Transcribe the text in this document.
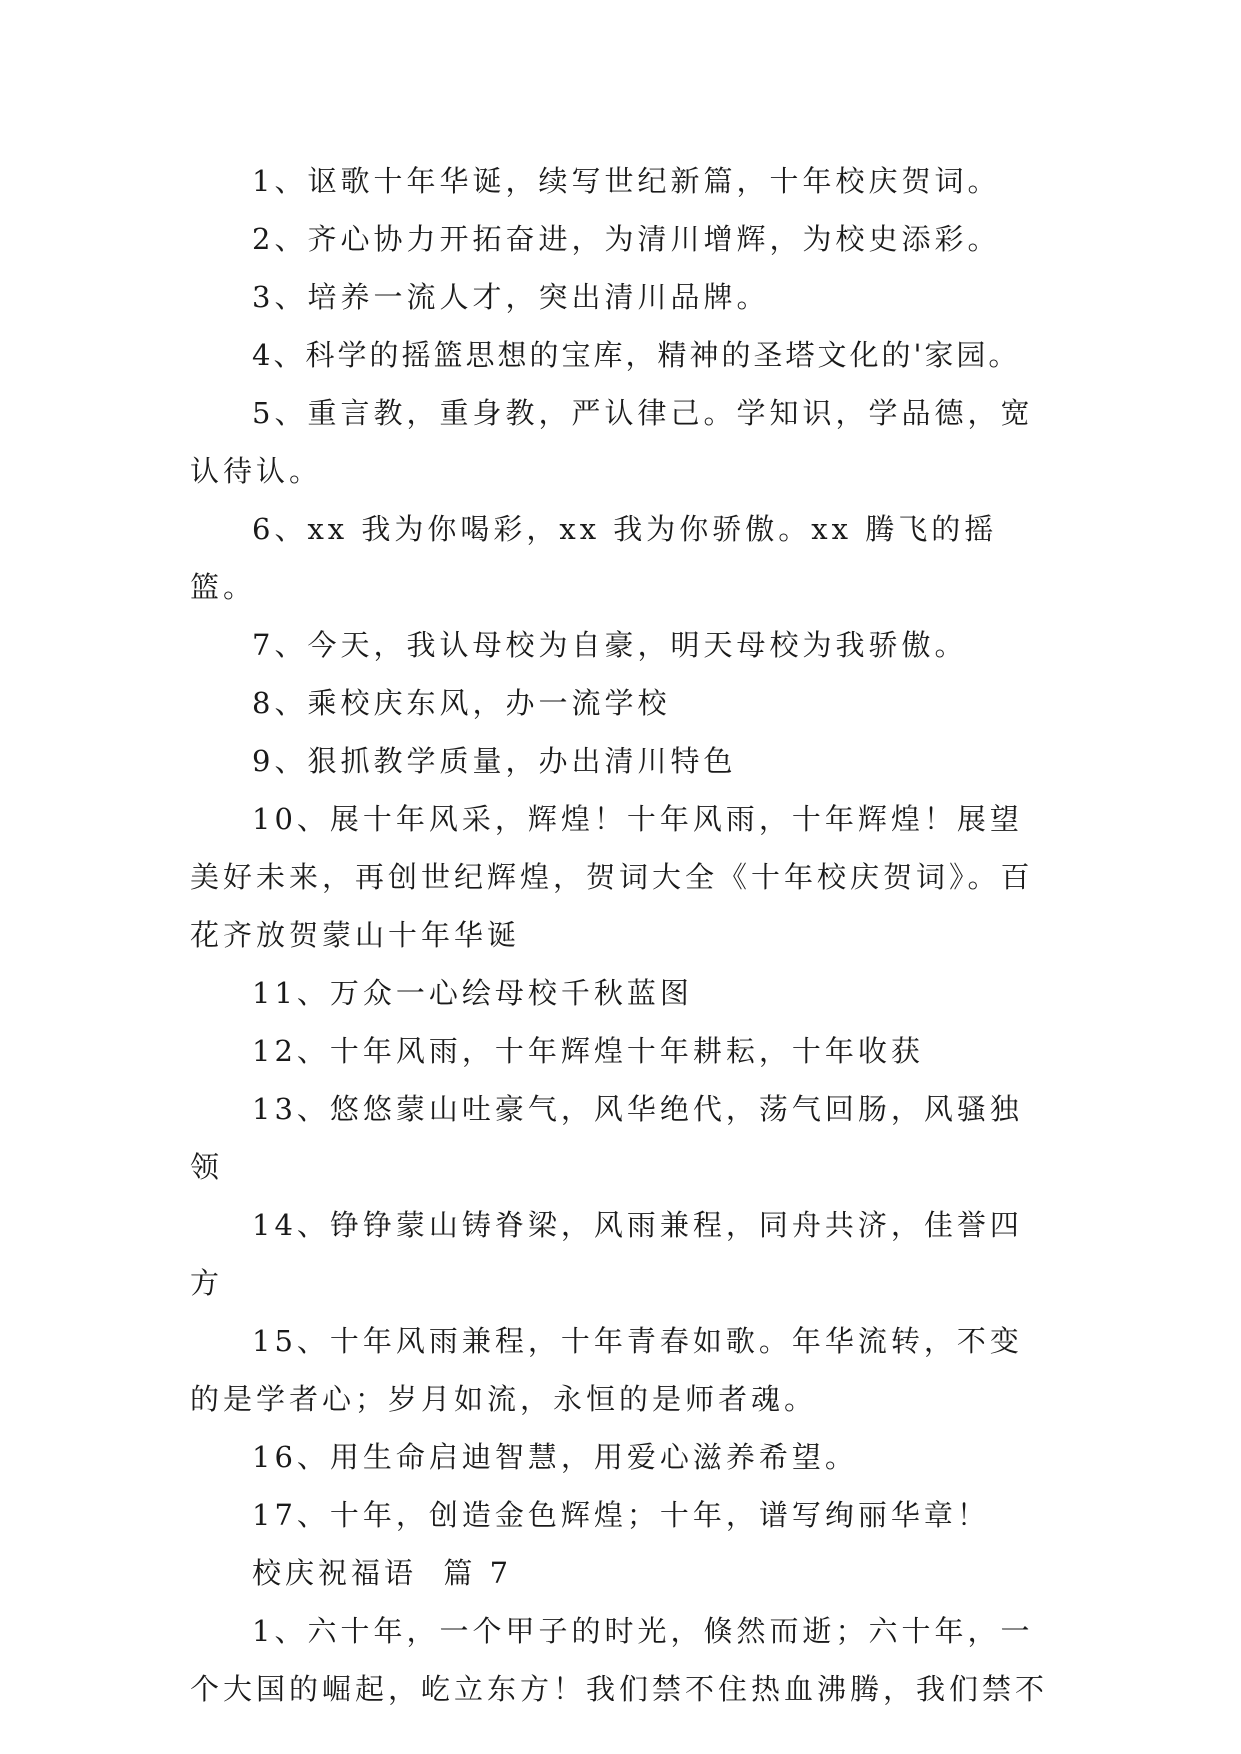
1、讴歌十年华诞，续写世纪新篇，十年校庆贺词。

2、齐心协力开拓奋进，为清川增辉，为校史添彩。

3、培养一流人才，突出清川品牌。

4、科学的摇篮思想的宝库，精神的圣塔文化的'家园。

5、重言教，重身教，严认律己。学知识，学品德，宽认待认。

6、xx 我为你喝彩，xx 我为你骄傲。xx 腾飞的摇篮。

7、今天，我认母校为自豪，明天母校为我骄傲。

8、乘校庆东风，办一流学校

9、狠抓教学质量，办出清川特色

10、展十年风采，辉煌！十年风雨，十年辉煌！展望美好未来，再创世纪辉煌，贺词大全《十年校庆贺词》。百花齐放贺蒙山十年华诞

11、万众一心绘母校千秋蓝图

12、十年风雨，十年辉煌十年耕耘，十年收获

13、悠悠蒙山吐豪气，风华绝代，荡气回肠，风骚独领

14、铮铮蒙山铸脊梁，风雨兼程，同舟共济，佳誉四方

15、十年风雨兼程，十年青春如歌。年华流转，不变的是学者心；岁月如流，永恒的是师者魂。

16、用生命启迪智慧，用爱心滋养希望。

17、十年，创造金色辉煌；十年，谱写绚丽华章！

校庆祝福语  篇 7

1、六十年，一个甲子的时光，倏然而逝；六十年，一个大国的崛起，屹立东方！我们禁不住热血沸腾，我们禁不
